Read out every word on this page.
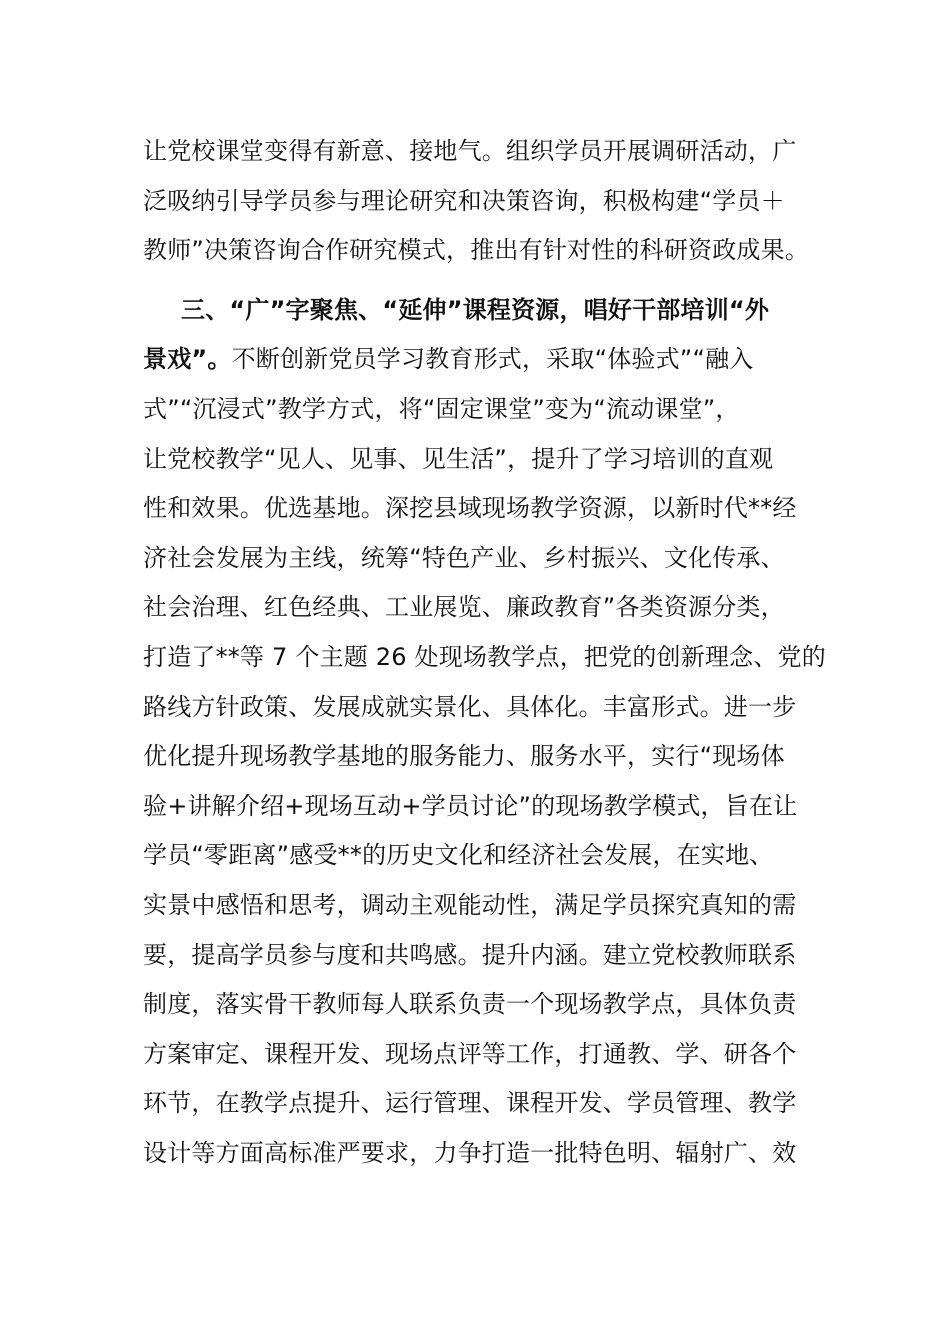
让党校课堂变得有新意、接地气。组织学员开展调研活动，广
泛吸纳引导学员参与理论研究和决策咨询，积极构建“学员＋
教师”决策咨询合作研究模式，推出有针对性的科研资政成果。
三、“广”字聚焦、“延伸”课程资源，唱好干部培训“外
景戏”。不断创新党员学习教育形式，采取“体验式”“融入
式”“沉浸式”教学方式，将“固定课堂”变为“流动课堂”，
让党校教学“见人、见事、见生活”，提升了学习培训的直观
性和效果。优选基地。深挖县域现场教学资源，以新时代**经
济社会发展为主线，统筹“特色产业、乡村振兴、文化传承、
社会治理、红色经典、工业展览、廉政教育”各类资源分类，
打造了**等 7 个主题 26 处现场教学点，把党的创新理念、党的
路线方针政策、发展成就实景化、具体化。丰富形式。进一步
优化提升现场教学基地的服务能力、服务水平，实行“现场体
验+讲解介绍+现场互动+学员讨论”的现场教学模式，旨在让
学员“零距离”感受**的历史文化和经济社会发展，在实地、
实景中感悟和思考，调动主观能动性，满足学员探究真知的需
要，提高学员参与度和共鸣感。提升内涵。建立党校教师联系
制度，落实骨干教师每人联系负责一个现场教学点，具体负责
方案审定、课程开发、现场点评等工作，打通教、学、研各个
环节，在教学点提升、运行管理、课程开发、学员管理、教学
设计等方面高标准严要求，力争打造一批特色明、辐射广、效
